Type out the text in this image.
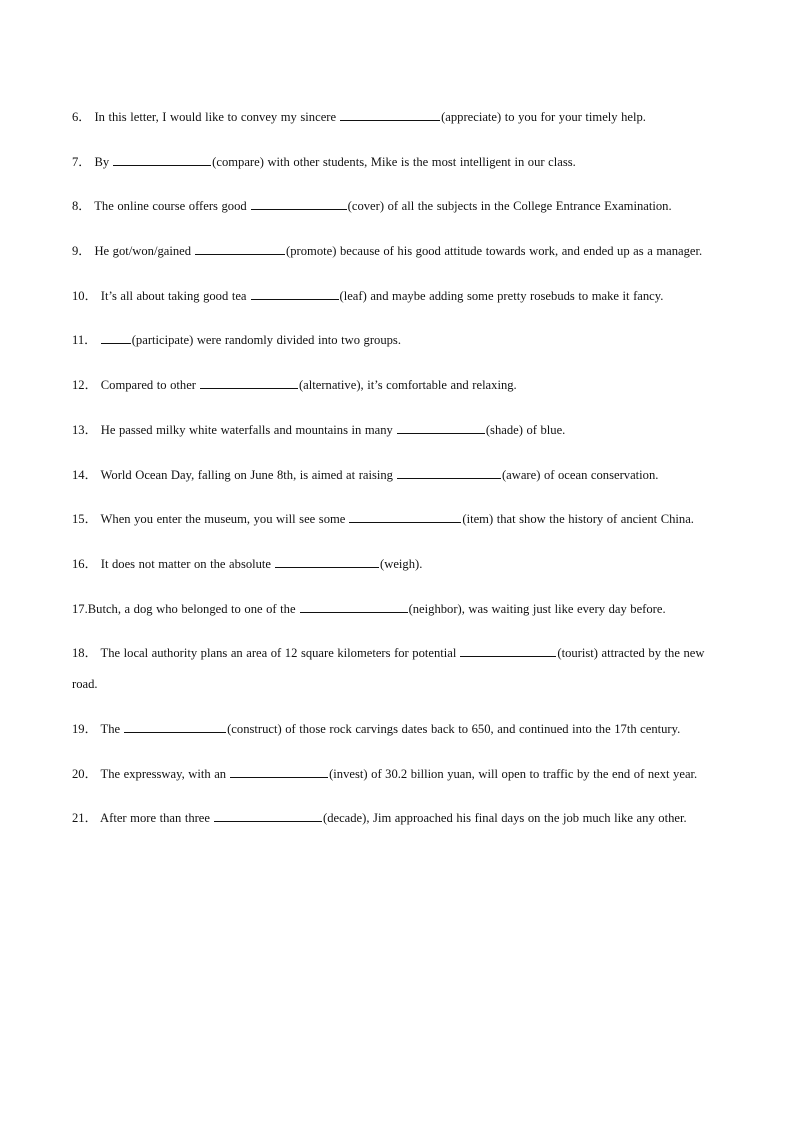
6． In this letter, I would like to convey my sincere	(appreciate) to you for your timely help.

7． By	(compare) with other students, Mike is the most intelligent in our class.

8． The online course offers good	(cover) of all the subjects in the College Entrance Examination.

9． He got/won/gained	(promote) because of his good attitude towards work, and ended up as a manager.

10． It’s all about taking good tea	(leaf) and maybe adding some pretty rosebuds to make it fancy.

11．	(participate) were randomly divided into two groups.

12． Compared to other	(alternative), it’s comfortable and relaxing.

13． He passed milky white waterfalls and mountains in many	(shade) of blue.

14． World Ocean Day, falling on June 8th, is aimed at raising	(aware) of ocean conservation.

15． When you enter the museum, you will see some	(item) that show the history of ancient China.

16． It does not matter on the absolute	(weigh).

17.Butch, a dog who belonged to one of the	(neighbor), was waiting just like every day before.

18． The local authority plans an area of 12 square kilometers for potential	(tourist) attracted by the new road.

19． The	(construct) of those rock carvings dates back to 650, and continued into the 17th century.

20． The expressway, with an	(invest) of 30.2 billion yuan, will open to traffic by the end of next year.

21． After more than three	(decade), Jim approached his final days on the job much like any other.
